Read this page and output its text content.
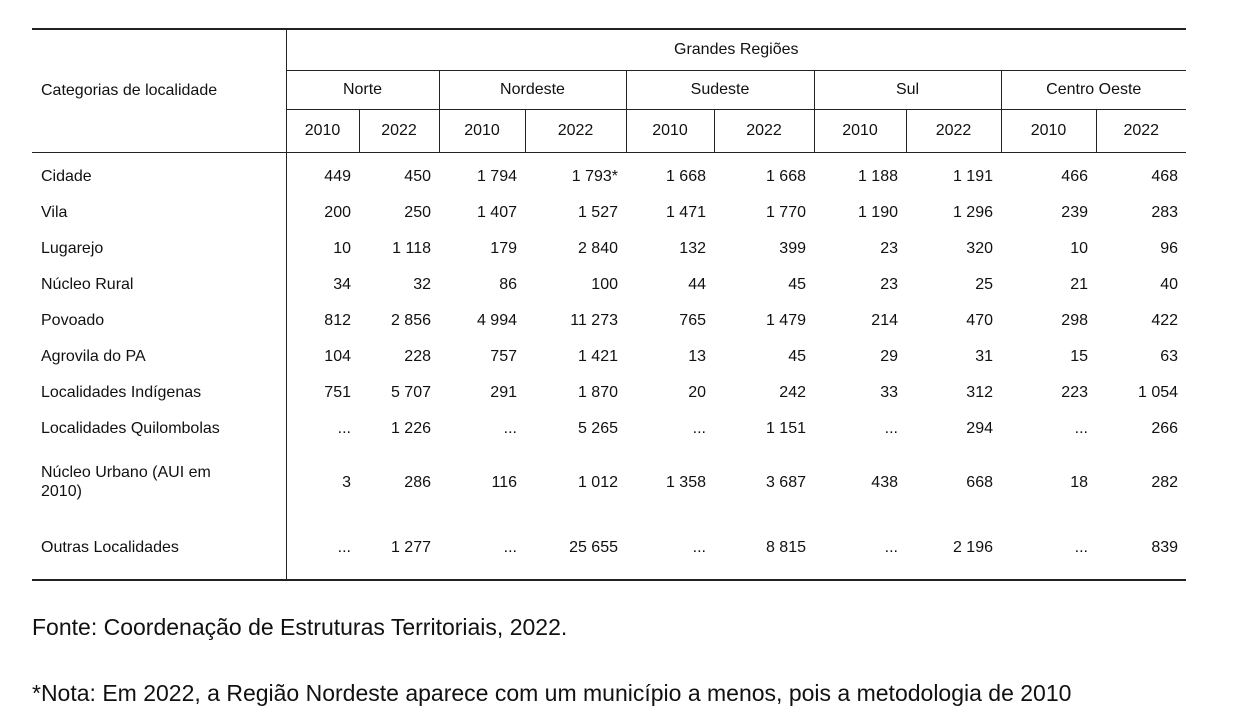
Categorias de localidade	Grandes Regiões									
	Norte		Nordeste		Sudeste		Sul		Centro Oeste	
	2010	2022	2010	2022	2010	2022	2010	2022	2010	2022
Cidade	449	450	1 794	1 793*	1 668	1 668	1 188	1 191	466	468
Vila	200	250	1 407	1 527	1 471	1 770	1 190	1 296	239	283
Lugarejo	10	1 118	179	2 840	132	399	23	320	10	96
Núcleo Rural	34	32	86	100	44	45	23	25	21	40
Povoado	812	2 856	4 994	11 273	765	1 479	214	470	298	422
Agrovila do PA	104	228	757	1 421	13	45	29	31	15	63
Localidades Indígenas	751	5 707	291	1 870	20	242	33	312	223	1 054
Localidades Quilombolas	...	1 226	...	5 265	...	1 151	...	294	...	266
Núcleo Urbano (AUI em 2010)	3	286	116	1 012	1 358	3 687	438	668	18	282
Outras Localidades	...	1 277	...	25 655	...	8 815	...	2 196	...	839
Fonte: Coordenação de Estruturas Territoriais, 2022.
*Nota: Em 2022, a Região Nordeste aparece com um município a menos, pois a metodologia de 2010
